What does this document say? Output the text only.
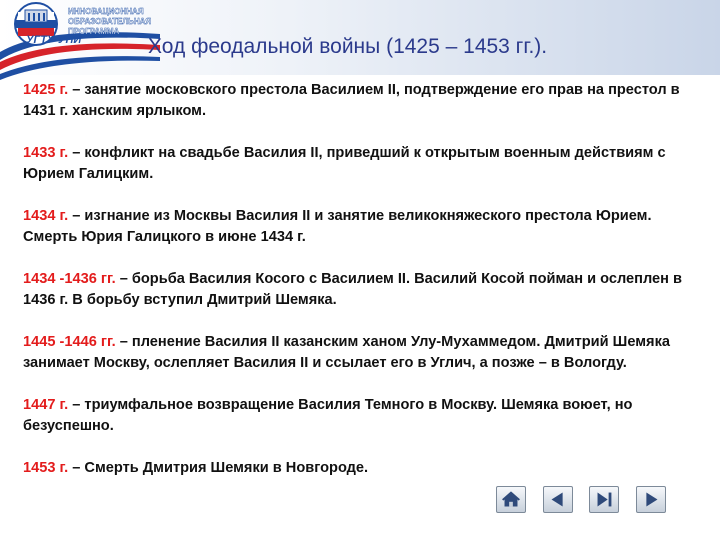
УГТУ-УПИ
ИННОВАЦИОННАЯ
ОБРАЗОВАТЕЛЬНАЯ
ПРОГРАММА
Ход феодальной войны (1425 – 1453 гг.).

1425 г. – занятие московского престола Василием II, подтверждение его прав на престол в 1431 г. ханским ярлыком.

1433 г. – конфликт на свадьбе Василия II, приведший к открытым военным действиям с Юрием Галицким.

1434 г. – изгнание из Москвы Василия II и занятие великокняжеского престола Юрием. Смерть Юрия Галицкого в июне 1434 г.

1434 -1436 гг. – борьба Василия Косого с Василием II. Василий Косой пойман и ослеплен в 1436 г. В борьбу вступил Дмитрий Шемяка.

1445 -1446 гг. – пленение Василия II казанским ханом Улу-Мухаммедом. Дмитрий Шемяка занимает Москву, ослепляет Василия II и ссылает его в Углич, а позже – в Вологду.

1447 г. – триумфальное возвращение Василия Темного в Москву. Шемяка воюет, но безуспешно.

1453 г. – Смерть Дмитрия Шемяки в Новгороде.
